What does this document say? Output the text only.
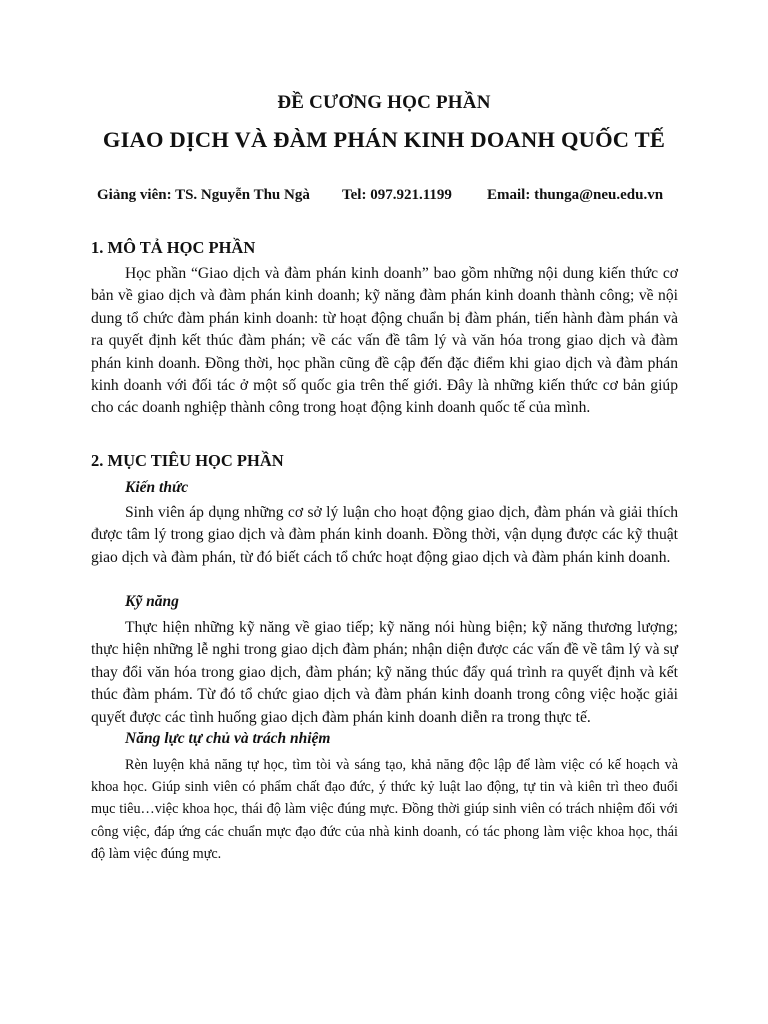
ĐỀ CƯƠNG HỌC PHẦN
GIAO DỊCH VÀ ĐÀM PHÁN KINH DOANH QUỐC TẾ
Giảng viên: TS. Nguyễn Thu Ngà Tel: 097.921.1199 Email: thunga@neu.edu.vn
1. MÔ TẢ HỌC PHẦN

Học phần “Giao dịch và đàm phán kinh doanh” bao gồm những nội dung kiến thức cơ bản về giao dịch và đàm phán kinh doanh; kỹ năng đàm phán kinh doanh thành công; về nội dung tổ chức đàm phán kinh doanh: từ hoạt động chuẩn bị đàm phán, tiến hành đàm phán và ra quyết định kết thúc đàm phán; về các vấn đề tâm lý và văn hóa trong giao dịch và đàm phán kinh doanh. Đồng thời, học phần cũng đề cập đến đặc điểm khi giao dịch và đàm phán kinh doanh với đối tác ở một số quốc gia trên thế giới. Đây là những kiến thức cơ bản giúp cho các doanh nghiệp thành công trong hoạt động kinh doanh quốc tế của mình.

2. MỤC TIÊU HỌC PHẦN
Kiến thức

Sinh viên áp dụng những cơ sở lý luận cho hoạt động giao dịch, đàm phán và giải thích được tâm lý trong giao dịch và đàm phán kinh doanh. Đồng thời, vận dụng được các kỹ thuật giao dịch và đàm phán, từ đó biết cách tổ chức hoạt động giao dịch và đàm phán kinh doanh.

Kỹ năng

Thực hiện những kỹ năng về giao tiếp; kỹ năng nói hùng biện; kỹ năng thương lượng; thực hiện những lễ nghi trong giao dịch đàm phán; nhận diện được các vấn đề về tâm lý và sự thay đổi văn hóa trong giao dịch, đàm phán; kỹ năng thúc đẩy quá trình ra quyết định và kết thúc đàm phám. Từ đó tổ chức giao dịch và đàm phán kinh doanh trong công việc hoặc giải quyết được các tình huống giao dịch đàm phán kinh doanh diễn ra trong thực tế.

Năng lực tự chủ và trách nhiệm

Rèn luyện khả năng tự học, tìm tòi và sáng tạo, khả năng độc lập để làm việc có kế hoạch và khoa học. Giúp sinh viên có phẩm chất đạo đức, ý thức kỷ luật lao động, tự tin và kiên trì theo đuổi mục tiêu…việc khoa học, thái độ làm việc đúng mực. Đồng thời giúp sinh viên có trách nhiệm đối với công việc, đáp ứng các chuẩn mực đạo đức của nhà kinh doanh, có tác phong làm việc khoa học, thái độ làm việc đúng mực.
